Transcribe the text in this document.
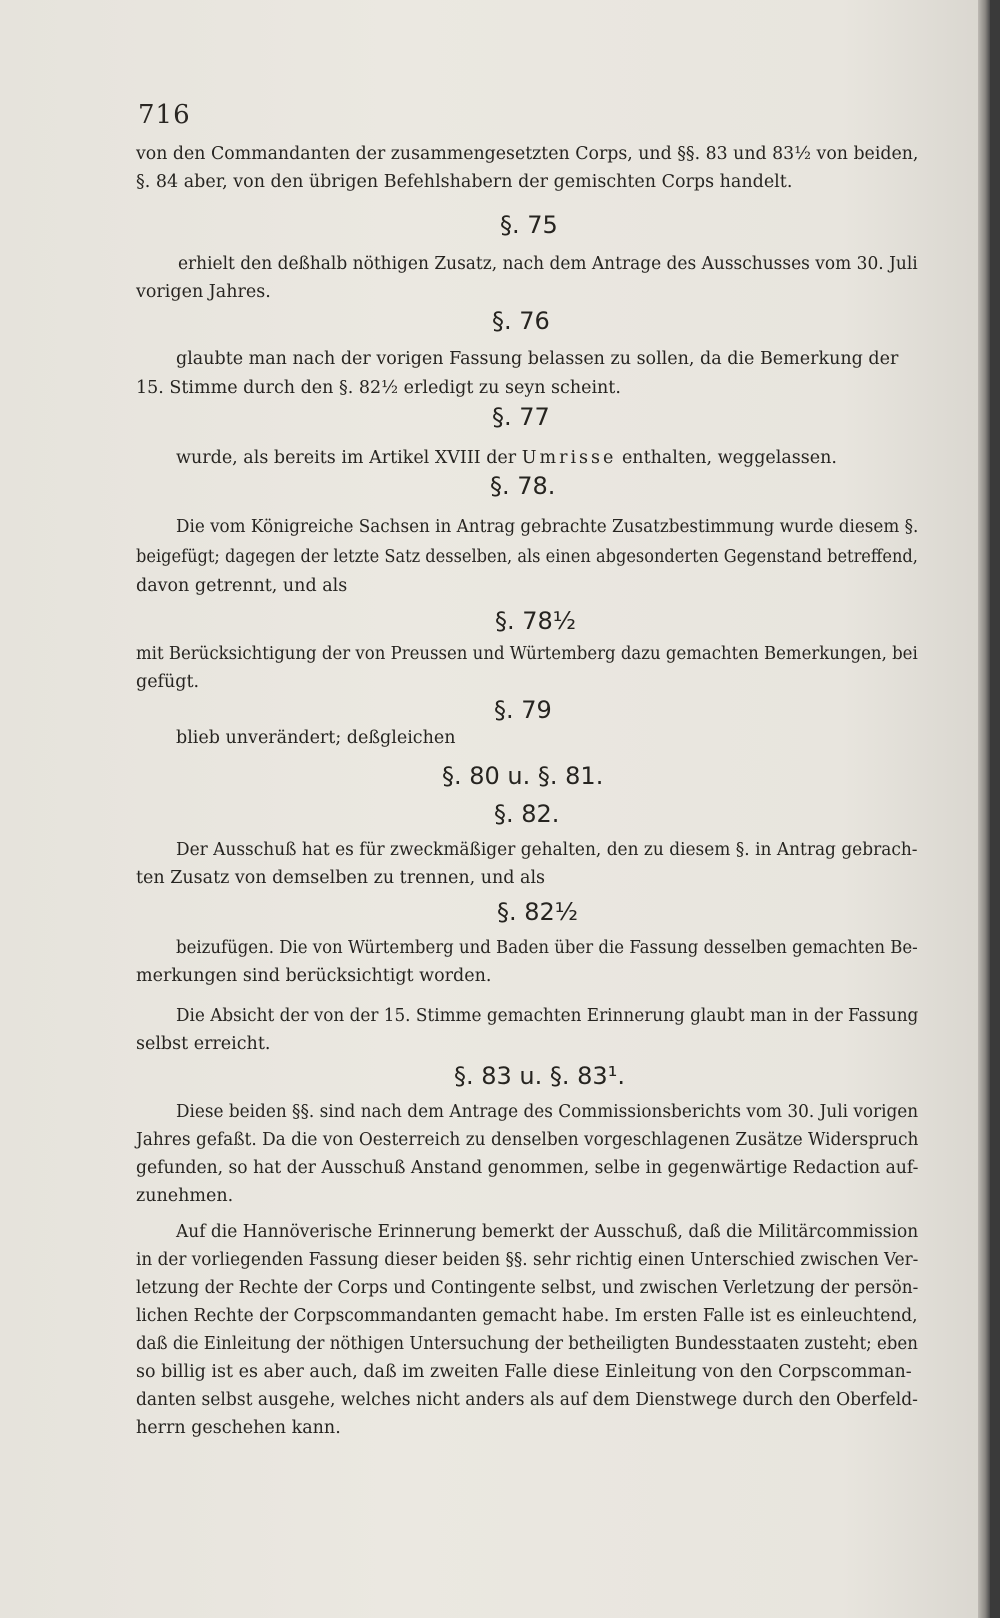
716
von den Commandanten der zusammengesetzten Corps, und §§. 83 und 83½ von beiden,
§. 84 aber, von den übrigen Befehlshabern der gemischten Corps handelt.
§. 75
erhielt den deßhalb nöthigen Zusatz, nach dem Antrage des Ausschusses vom 30. Juli
vorigen Jahres.
§. 76
glaubte man nach der vorigen Fassung belassen zu sollen, da die Bemerkung der
15. Stimme durch den §. 82½ erledigt zu seyn scheint.
§. 77
wurde, als bereits im Artikel XVIII der Umrisse enthalten, weggelassen.
§. 78.
Die vom Königreiche Sachsen in Antrag gebrachte Zusatzbestimmung wurde diesem §.
beigefügt; dagegen der letzte Satz desselben, als einen abgesonderten Gegenstand betreffend,
davon getrennt, und als
§. 78½
mit Berücksichtigung der von Preussen und Würtemberg dazu gemachten Bemerkungen, bei
gefügt.
§. 79
blieb unverändert; deßgleichen
§. 80 u. §. 81.
§. 82.
Der Ausschuß hat es für zweckmäßiger gehalten, den zu diesem §. in Antrag gebrach-
ten Zusatz von demselben zu trennen, und als
§. 82½
beizufügen. Die von Würtemberg und Baden über die Fassung desselben gemachten Be-
merkungen sind berücksichtigt worden.
Die Absicht der von der 15. Stimme gemachten Erinnerung glaubt man in der Fassung
selbst erreicht.
§. 83 u. §. 83¹.
Diese beiden §§. sind nach dem Antrage des Commissionsberichts vom 30. Juli vorigen
Jahres gefaßt. Da die von Oesterreich zu denselben vorgeschlagenen Zusätze Widerspruch
gefunden, so hat der Ausschuß Anstand genommen, selbe in gegenwärtige Redaction auf-
zunehmen.
Auf die Hannöverische Erinnerung bemerkt der Ausschuß, daß die Militärcommission
in der vorliegenden Fassung dieser beiden §§. sehr richtig einen Unterschied zwischen Ver-
letzung der Rechte der Corps und Contingente selbst, und zwischen Verletzung der persön-
lichen Rechte der Corpscommandanten gemacht habe. Im ersten Falle ist es einleuchtend,
daß die Einleitung der nöthigen Untersuchung der betheiligten Bundesstaaten zusteht; eben
so billig ist es aber auch, daß im zweiten Falle diese Einleitung von den Corpscomman-
danten selbst ausgehe, welches nicht anders als auf dem Dienstwege durch den Oberfeld-
herrn geschehen kann.
